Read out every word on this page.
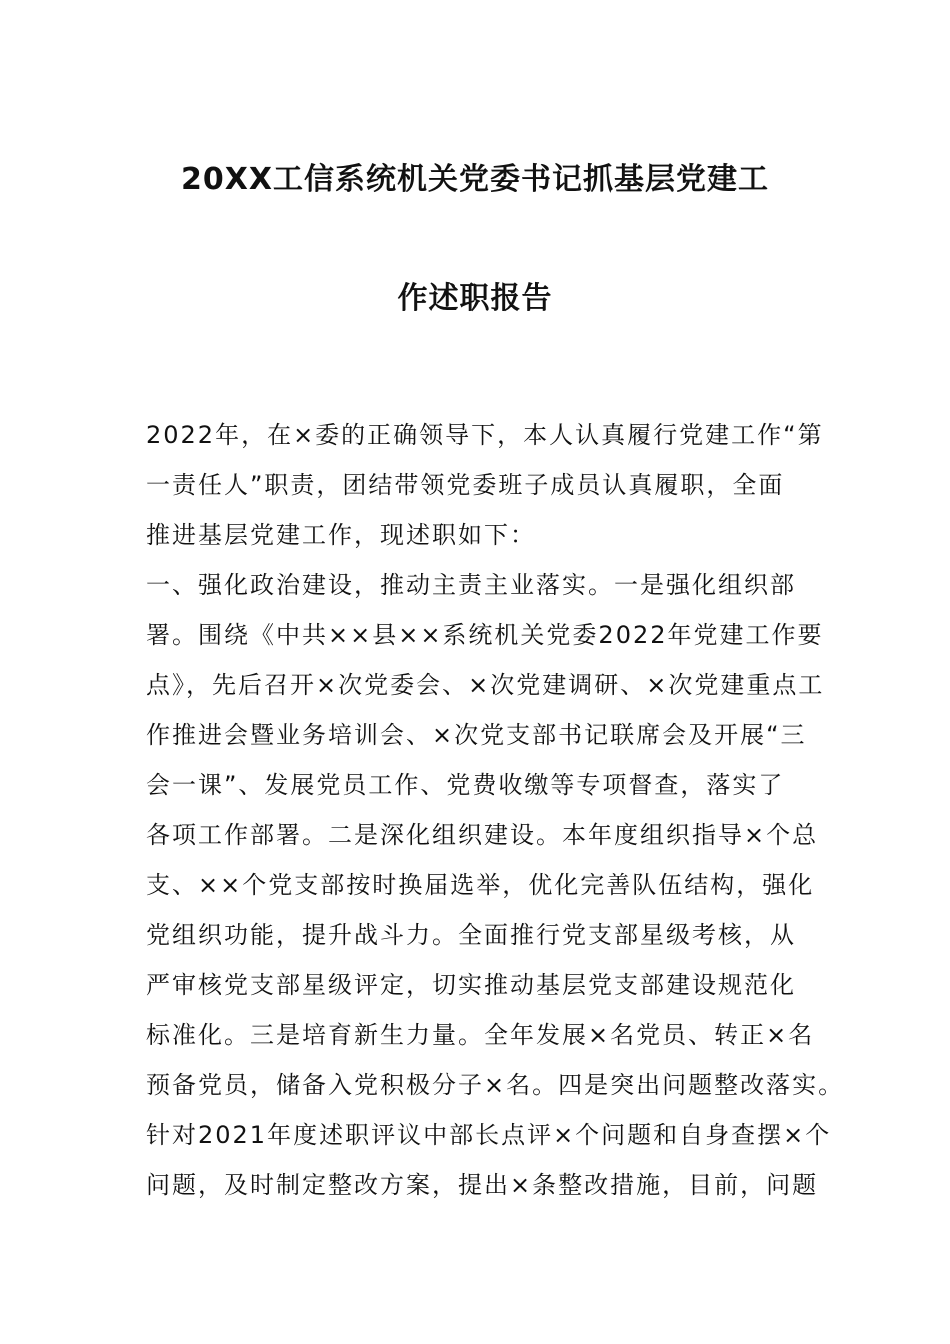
20XX工信系统机关党委书记抓基层党建工
作述职报告
2022年，在×委的正确领导下，本人认真履行党建工作“第
一责任人”职责，团结带领党委班子成员认真履职，全面
推进基层党建工作，现述职如下：
一、强化政治建设，推动主责主业落实。一是强化组织部
署。围绕《中共××县××系统机关党委2022年党建工作要
点》，先后召开×次党委会、×次党建调研、×次党建重点工
作推进会暨业务培训会、×次党支部书记联席会及开展“三
会一课”、发展党员工作、党费收缴等专项督查，落实了
各项工作部署。二是深化组织建设。本年度组织指导×个总
支、××个党支部按时换届选举，优化完善队伍结构，强化
党组织功能，提升战斗力。全面推行党支部星级考核，从
严审核党支部星级评定，切实推动基层党支部建设规范化
标准化。三是培育新生力量。全年发展×名党员、转正×名
预备党员，储备入党积极分子×名。四是突出问题整改落实。
针对2021年度述职评议中部长点评×个问题和自身查摆×个
问题，及时制定整改方案，提出×条整改措施，目前，问题
